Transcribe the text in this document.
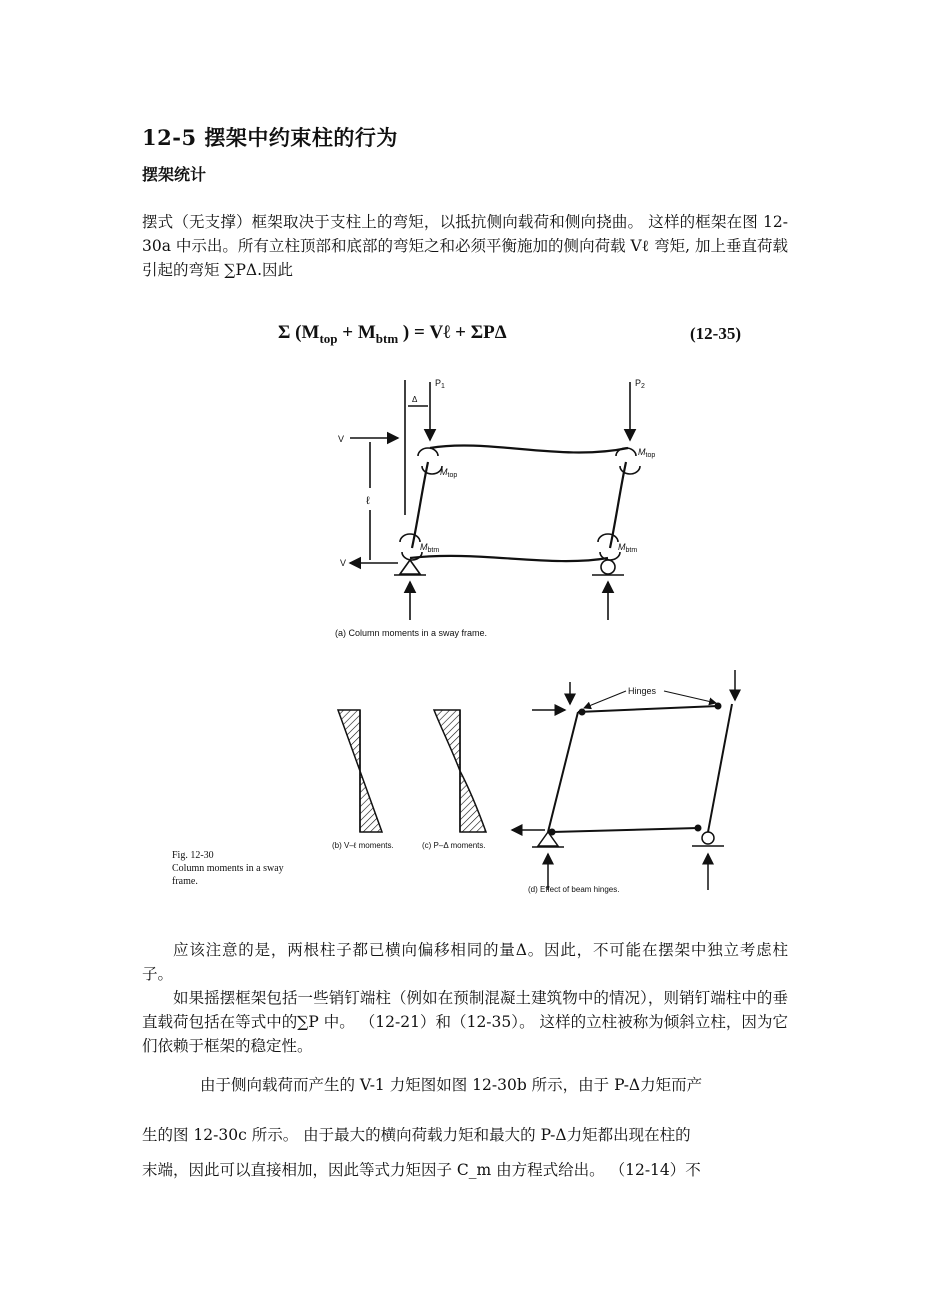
12-5 摆架中约束柱的行为
摆架统计
摆式（无支撑）框架取决于支柱上的弯矩，以抵抗侧向载荷和侧向挠曲。 这样的框架在图 12-30a 中示出。所有立柱顶部和底部的弯矩之和必须平衡施加的侧向荷载 Vℓ 弯矩, 加上垂直荷载引起的弯矩 ∑PΔ.因此
Σ ($M_{top} + M_{btm}$ ) = Vℓ + ΣPΔ	(12-35)
$P_1$	$P_2$
Δ
V
V
ℓ
$M_{top}$
$M_{top}$
$M_{btm}$	$M_{btm}$
(a) Column moments in a sway frame.
(b) V–ℓ moments.	(c) P–Δ moments.
Hinges
(d) Effect of beam hinges.
Fig. 12-30
Column moments in a sway
frame.
应该注意的是，两根柱子都已横向偏移相同的量Δ。因此，不可能在摆架中独立考虑柱子。
如果摇摆框架包括一些销钉端柱（例如在预制混凝土建筑物中的情况），则销钉端柱中的垂直载荷包括在等式中的∑P 中。 （12-21）和（12-35）。 这样的立柱被称为倾斜立柱，因为它们依赖于框架的稳定性。
由于侧向载荷而产生的 V-1 力矩图如图 12-30b 所示，由于 P-Δ力矩而产
生的图 12-30c 所示。 由于最大的横向荷载力矩和最大的 P-Δ力矩都出现在柱的
末端，因此可以直接相加，因此等式力矩因子 C_m 由方程式给出。 （12-14）不
